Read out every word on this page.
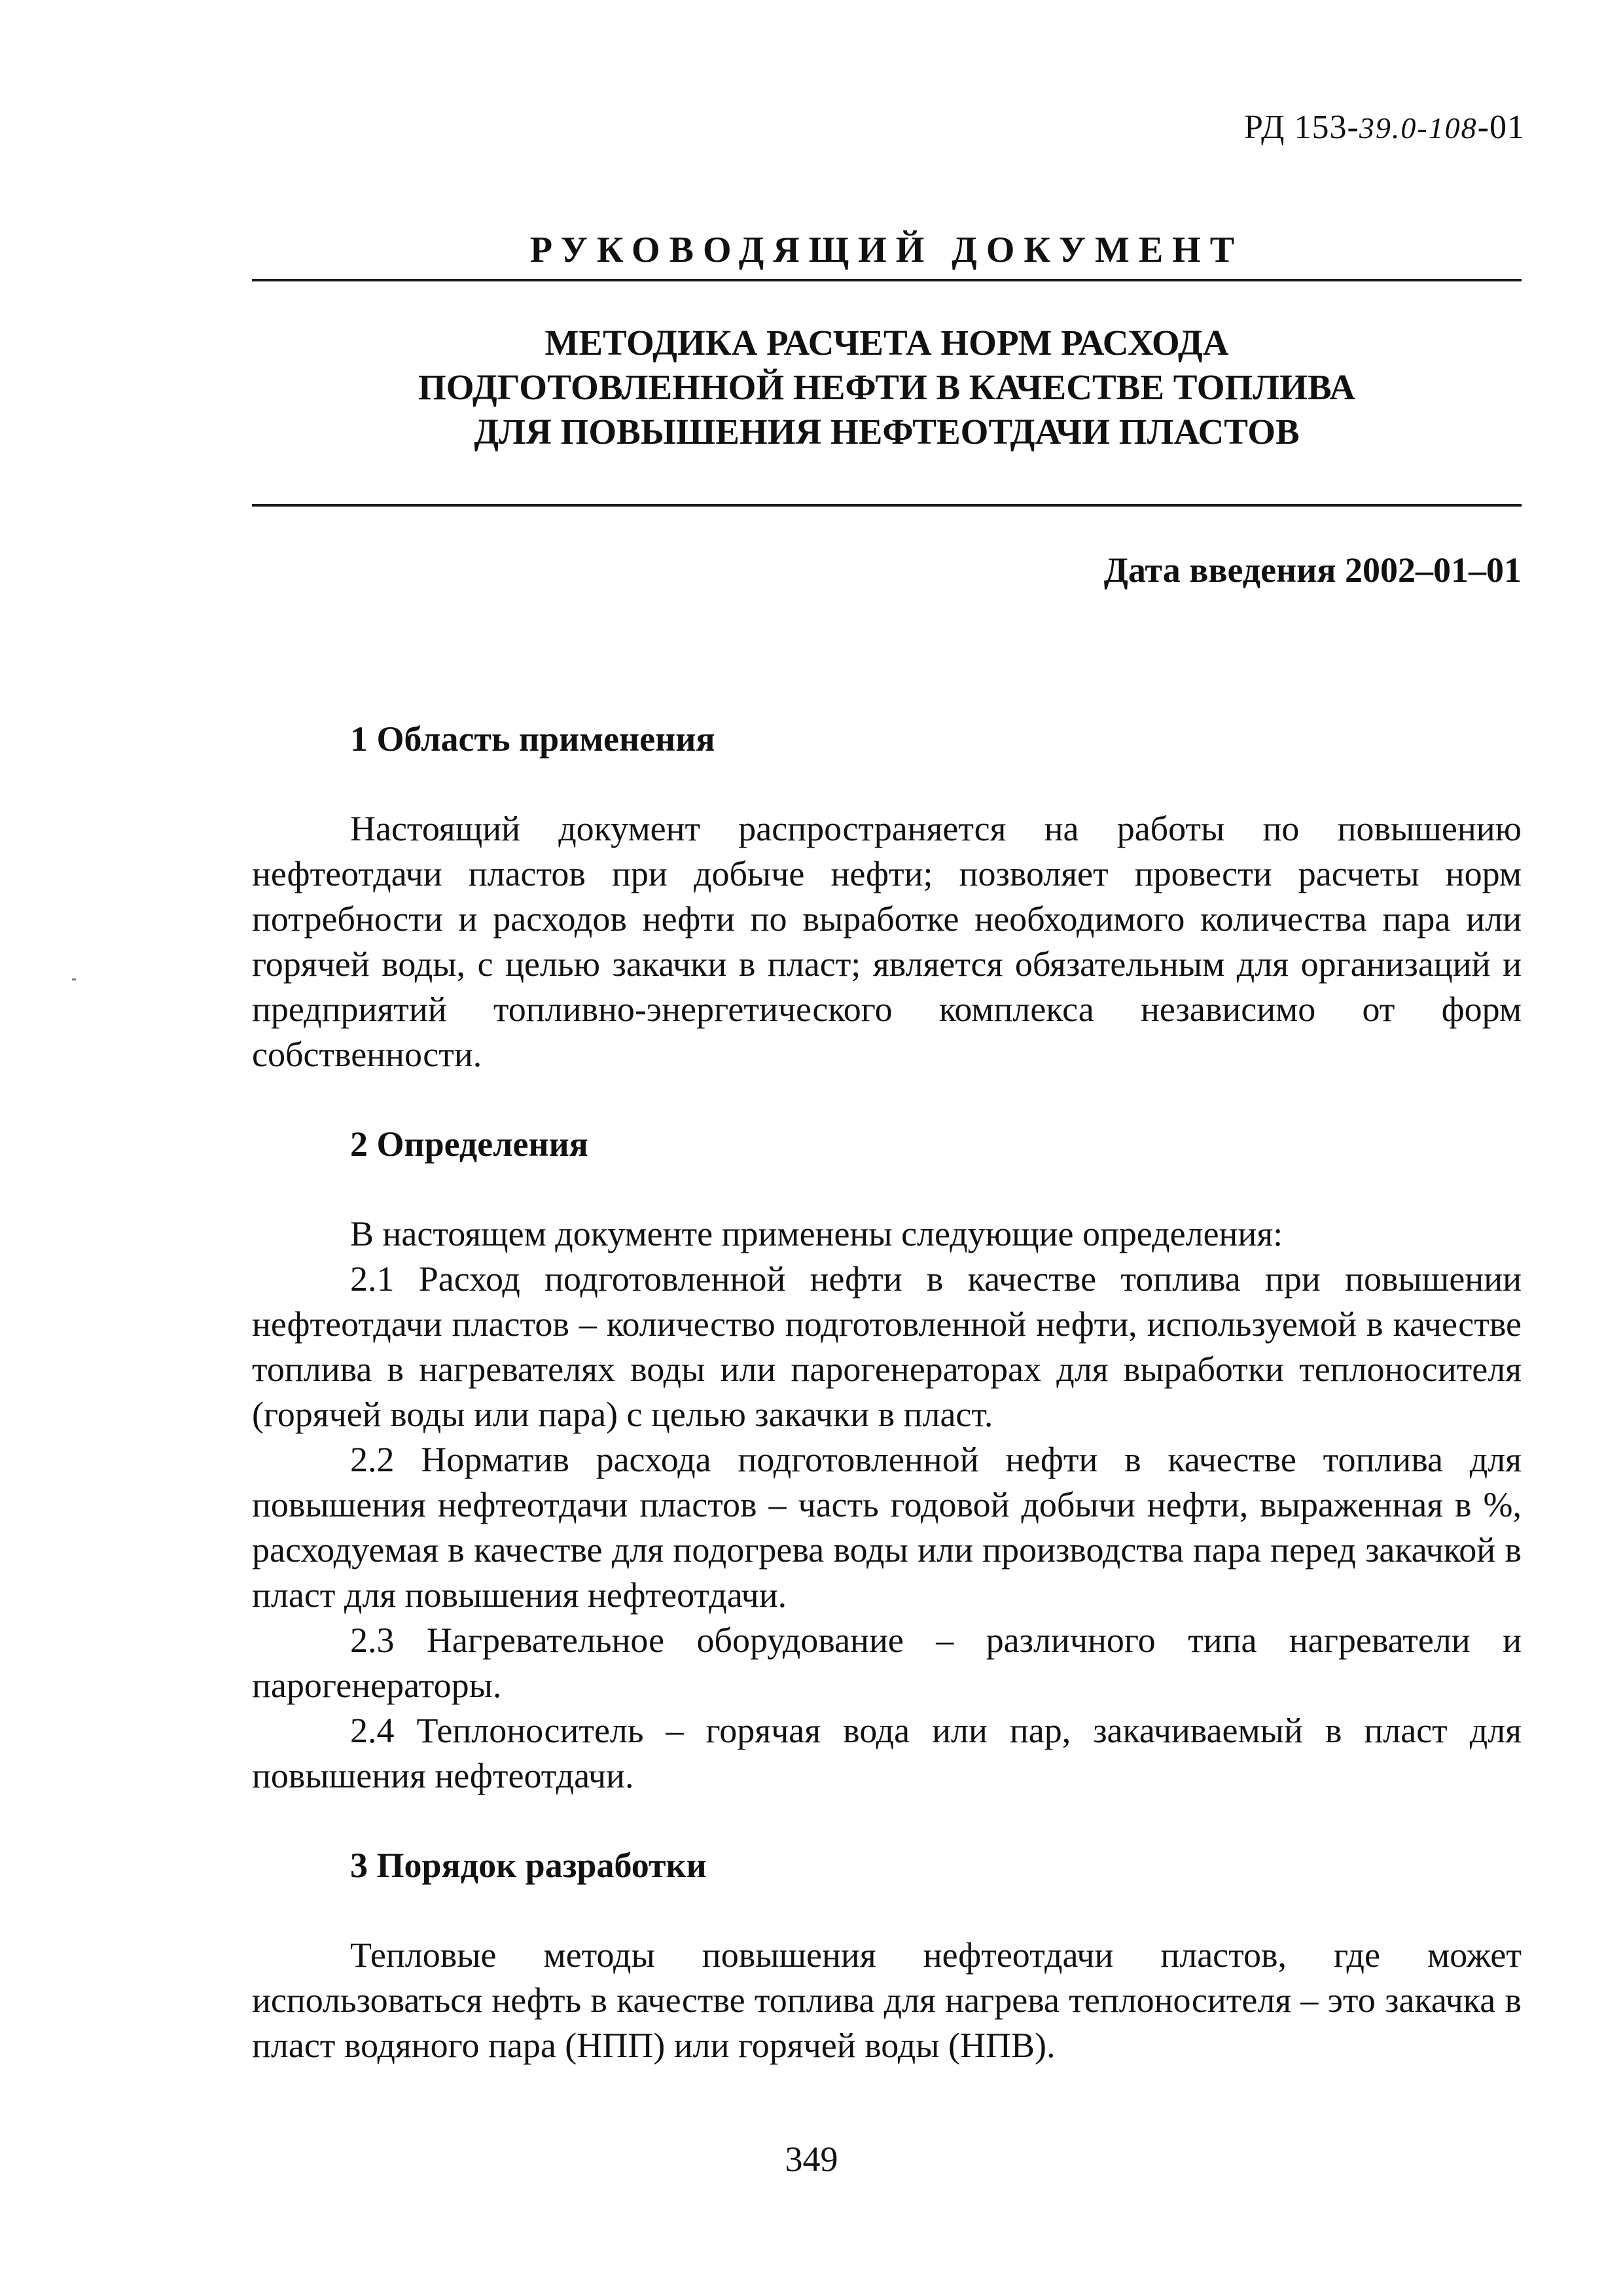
РД 153-39.0-108-01
РУКОВОДЯЩИЙ ДОКУМЕНТ
МЕТОДИКА РАСЧЕТА НОРМ РАСХОДА
ПОДГОТОВЛЕННОЙ НЕФТИ В КАЧЕСТВЕ ТОПЛИВА
ДЛЯ ПОВЫШЕНИЯ НЕФТЕОТДАЧИ ПЛАСТОВ
Дата введения 2002–01–01
1 Область применения

Настоящий документ распространяется на работы по повышению нефтеотдачи пластов при добыче нефти; позволяет провести расчеты норм потребности и расходов нефти по выработке необходимого количества пара или горячей воды, с целью закачки в пласт; является обязательным для организаций и предприятий топливно-энергетического комплекса независимо от форм собственности.

2 Определения

В настоящем документе применены следующие определения:

2.1 Расход подготовленной нефти в качестве топлива при повышении нефтеотдачи пластов – количество подготовленной нефти, используемой в качестве топлива в нагревателях воды или парогенераторах для выработки теплоносителя (горячей воды или пара) с целью закачки в пласт.

2.2 Норматив расхода подготовленной нефти в качестве топлива для повышения нефтеотдачи пластов – часть годовой добычи нефти, выраженная в %, расходуемая в качестве для подогрева воды или производства пара перед закачкой в пласт для повышения нефтеотдачи.

2.3 Нагревательное оборудование – различного типа нагреватели и парогенераторы.

2.4 Теплоноситель – горячая вода или пар, закачиваемый в пласт для повышения нефтеотдачи.

3 Порядок разработки

Тепловые методы повышения нефтеотдачи пластов, где может использоваться нефть в качестве топлива для нагрева теплоносителя – это закачка в пласт водяного пара (НПП) или горячей воды (НПВ).

349
